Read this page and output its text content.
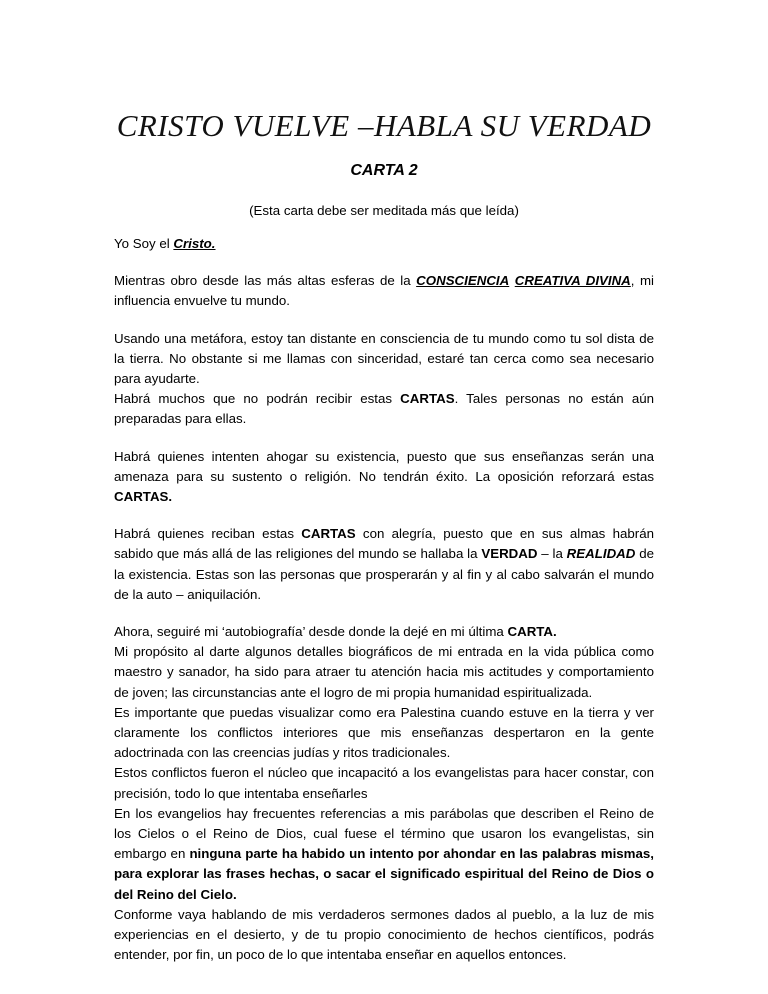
CRISTO VUELVE –HABLA SU VERDAD
CARTA 2
(Esta carta debe ser meditada más que leída)

Yo Soy el Cristo.

Mientras obro desde las más altas esferas de la CONSCIENCIA CREATIVA DIVINA, mi influencia envuelve tu mundo.

Usando una metáfora, estoy tan distante en consciencia de tu mundo como tu sol dista de la tierra. No obstante si me llamas con sinceridad, estaré tan cerca como sea necesario para ayudarte.

Habrá muchos que no podrán recibir estas CARTAS. Tales personas no están aún preparadas para ellas.

Habrá quienes intenten ahogar su existencia, puesto que sus enseñanzas serán una amenaza para su sustento o religión. No tendrán éxito. La oposición reforzará estas CARTAS.

Habrá quienes reciban estas CARTAS con alegría, puesto que en sus almas habrán sabido que más allá de las religiones del mundo se hallaba la VERDAD – la REALIDAD de la existencia. Estas son las personas que prosperarán y al fin y al cabo salvarán el mundo de la auto – aniquilación.

Ahora, seguiré mi ‘autobiografía’ desde donde la dejé en mi última CARTA.

Mi propósito al darte algunos detalles biográficos de mi entrada en la vida pública como maestro y sanador, ha sido para atraer tu atención hacia mis actitudes y comportamiento de joven; las circunstancias ante el logro de mi propia humanidad espiritualizada.

Es importante que puedas visualizar como era Palestina cuando estuve en la tierra y ver claramente los conflictos interiores que mis enseñanzas despertaron en la gente adoctrinada con las creencias judías y ritos tradicionales.

Estos conflictos fueron el núcleo que incapacitó a los evangelistas para hacer constar, con precisión, todo lo que intentaba enseñarles

En los evangelios hay frecuentes referencias a mis parábolas que describen el Reino de los Cielos o el Reino de Dios, cual fuese el término que usaron los evangelistas, sin embargo en ninguna parte ha habido un intento por ahondar en las palabras mismas, para explorar las frases hechas, o sacar el significado espiritual del Reino de Dios o del Reino del Cielo.

Conforme vaya hablando de mis verdaderos sermones dados al pueblo, a la luz de mis experiencias en el desierto, y de tu propio conocimiento de hechos científicos, podrás entender, por fin, un poco de lo que intentaba enseñar en aquellos entonces.
